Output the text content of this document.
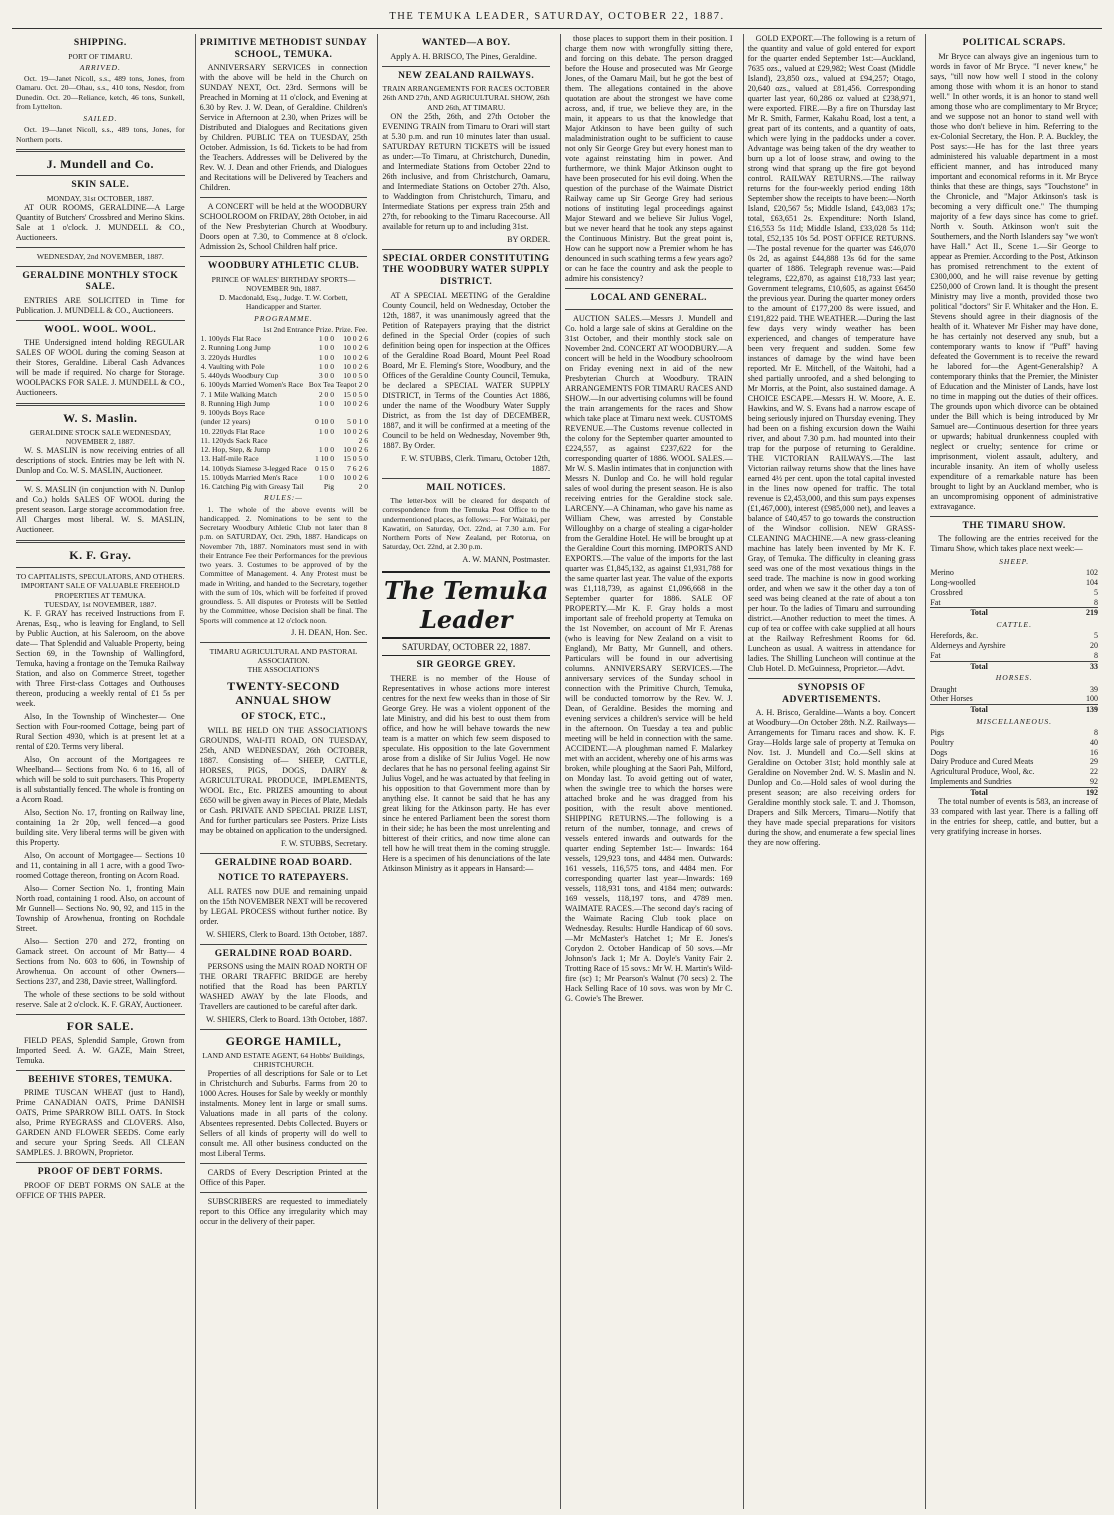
THE TEMUKA LEADER, SATURDAY, OCTOBER 22, 1887.
SHIPPING.
PORT OF TIMARU.
ARRIVED.

Oct. 19—Janet Nicoll, s.s., 489 tons, Jones, from Oamaru. Oct. 20—Ohau, s.s., 410 tons, Nesdor, from Dunedin. Oct. 20—Reliance, ketch, 46 tons, Sunkell, from Lyttelton.

SAILED.

Oct. 19—Janet Nicoll, s.s., 489 tons, Jones, for Northern ports.

J. Mundell and Co.
SKIN SALE.
MONDAY, 31st OCTOBER, 1887.

AT OUR ROOMS, GERALDINE—A Large Quantity of Butchers' Crossbred and Merino Skins. Sale at 1 o'clock. J. MUNDELL & CO., Auctioneers.

WEDNESDAY, 2nd NOVEMBER, 1887.
GERALDINE MONTHLY STOCK SALE.

ENTRIES ARE SOLICITED in Time for Publication. J. MUNDELL & CO., Auctioneers.

WOOL. WOOL. WOOL.

THE Undersigned intend holding REGULAR SALES OF WOOL during the coming Season at their Stores, Geraldine. Liberal Cash Advances will be made if required. No charge for Storage. WOOLPACKS FOR SALE. J. MUNDELL & CO., Auctioneers.

W. S. Maslin.
GERALDINE STOCK SALE WEDNESDAY, NOVEMBER 2, 1887.

W. S. MASLIN is now receiving entries of all descriptions of stock. Entries may be left with N. Dunlop and Co. W. S. MASLIN, Auctioneer.

W. S. MASLIN (in conjunction with N. Dunlop and Co.) holds SALES OF WOOL during the present season. Large storage accommodation free. All Charges most liberal. W. S. MASLIN, Auctioneer.

K. F. Gray.
TO CAPITALISTS, SPECULATORS, AND OTHERS.
IMPORTANT SALE OF VALUABLE FREEHOLD PROPERTIES AT TEMUKA.
TUESDAY, 1st NOVEMBER, 1887.

K. F. GRAY has received Instructions from F. Arenas, Esq., who is leaving for England, to Sell by Public Auction, at his Saleroom, on the above date— That Splendid and Valuable Property, being Section 69, in the Township of Wallingford, Temuka, having a frontage on the Temuka Railway Station, and also on Commerce Street, together with Three First-class Cottages and Outhouses thereon, producing a weekly rental of £1 5s per week.

Also, In the Township of Winchester— One Section with Four-roomed Cottage, being part of Rural Section 4930, which is at present let at a rental of £20. Terms very liberal.

Also, On account of the Mortgagees re Wheelband— Sections from No. 6 to 16, all of which will be sold to suit purchasers. This Property is all substantially fenced. The whole is fronting on a Acorn Road.

Also, Section No. 17, fronting on Railway line, containing 1a 2r 20p, well fenced—a good building site. Very liberal terms will be given with this Property.

Also, On account of Mortgagee— Sections 10 and 11, containing in all 1 acre, with a good Two-roomed Cottage thereon, fronting on Acorn Road.

Also— Corner Section No. 1, fronting Main North road, containing 1 rood. Also, on account of Mr Gunnell— Sections No. 90, 92, and 115 in the Township of Arowhenua, fronting on Rochdale Street.

Also— Section 270 and 272, fronting on Gamack street. On account of Mr Batty— 4 Sections from No. 603 to 606, in Township of Arowhenua. On account of other Owners— Sections 237, and 238, Davie street, Wallingford.

The whole of these sections to be sold without reserve. Sale at 2 o'clock. K. F. GRAY, Auctioneer.

FOR SALE.

FIELD PEAS, Splendid Sample, Grown from Imported Seed. A. W. GAZE, Main Street, Temuka.

BEEHIVE STORES, TEMUKA.

PRIME TUSCAN WHEAT (just to Hand), Prime CANADIAN OATS, Prime DANISH OATS, Prime SPARROW BILL OATS. In Stock also, Prime RYEGRASS and CLOVERS. Also, GARDEN AND FLOWER SEEDS. Come early and secure your Spring Seeds. All CLEAN SAMPLES. J. BROWN, Proprietor.

PROOF OF DEBT FORMS.

PROOF OF DEBT FORMS ON SALE at the OFFICE OF THIS PAPER.

PRIMITIVE METHODIST SUNDAY SCHOOL, TEMUKA.

ANNIVERSARY SERVICES in connection with the above will be held in the Church on SUNDAY NEXT, Oct. 23rd. Sermons will be Preached in Morning at 11 o'clock, and Evening at 6.30 by Rev. J. W. Dean, of Geraldine. Children's Service in Afternoon at 2.30, when Prizes will be Distributed and Dialogues and Recitations given by Children. PUBLIC TEA on TUESDAY, 25th October. Admission, 1s 6d. Tickets to be had from the Teachers. Addresses will be Delivered by the Rev. W. J. Dean and other Friends, and Dialogues and Recitations will be Delivered by Teachers and Children.

A CONCERT will be held at the WOODBURY SCHOOLROOM on FRIDAY, 28th October, in aid of the New Presbyterian Church at Woodbury. Doors open at 7.30, to Commence at 8 o'clock. Admission 2s, School Children half price.

WOODBURY ATHLETIC CLUB.
PRINCE OF WALES' BIRTHDAY SPORTS—NOVEMBER 9th, 1887.
D. Macdonald, Esq., Judge. T. W. Corbett, Handicapper and Starter.
PROGRAMME.
1st 2nd Entrance Prize. Prize. Fee.
1. 100yds Flat Race	1 0 0	10 0	2 6
2. Running Long Jump	1 0 0	10 0	2 6
3. 220yds Hurdles	1 0 0	10 0	2 6
4. Vaulting with Pole	1 0 0	10 0	2 6
5. 440yds Woodbury Cup	3 0 0	10 0	5 0
6. 100yds Married Women's Race	Box Tea	Teapot	2 0
7. 1 Mile Walking Match	2 0 0	15 0	5 0
8. Running High Jump	1 0 0	10 0	2 6
9. 100yds Boys Race			
(under 12 years)	0 10 0	5 0	1 0
10. 220yds Flat Race	1 0 0	10 0	2 6
11. 120yds Sack Race			2 6
12. Hop, Step, & Jump	1 0 0	10 0	2 6
13. Half-mile Race	1 10 0	15 0	5 0
14. 100yds Siamese 3-legged Race	0 15 0	7 6	2 6
15. 100yds Married Men's Race	1 0 0	10 0	2 6
16. Catching Pig with Greasy Tail	Pig		2 0
RULES:—

1. The whole of the above events will be handicapped. 2. Nominations to be sent to the Secretary Woodbury Athletic Club not later than 8 p.m. on SATURDAY, Oct. 29th, 1887. Handicaps on November 7th, 1887. Nominators must send in with their Entrance Fee their Performances for the previous two years. 3. Costumes to be approved of by the Committee of Management. 4. Any Protest must be made in Writing, and handed to the Secretary, together with the sum of 10s, which will be forfeited if proved groundless. 5. All disputes or Protests will be Settled by the Committee, whose Decision shall be final. The Sports will commence at 12 o'clock noon.

J. H. DEAN, Hon. Sec.
TIMARU AGRICULTURAL AND PASTORAL ASSOCIATION.
THE ASSOCIATION'S
TWENTY-SECOND ANNUAL SHOW
OF STOCK, ETC.,

WILL BE HELD ON THE ASSOCIATION'S GROUNDS, WAI-ITI ROAD, ON TUESDAY, 25th, AND WEDNESDAY, 26th OCTOBER, 1887. Consisting of— SHEEP, CATTLE, HORSES, PIGS, DOGS, DAIRY & AGRICULTURAL PRODUCE, IMPLEMENTS, WOOL Etc., Etc. PRIZES amounting to about £650 will be given away in Pieces of Plate, Medals or Cash. PRIVATE AND SPECIAL PRIZE LIST, And for further particulars see Posters. Prize Lists may be obtained on application to the undersigned.

F. W. STUBBS, Secretary.
GERALDINE ROAD BOARD.
NOTICE TO RATEPAYERS.

ALL RATES now DUE and remaining unpaid on the 15th NOVEMBER NEXT will be recovered by LEGAL PROCESS without further notice. By order.

W. SHIERS, Clerk to Board. 13th October, 1887.
GERALDINE ROAD BOARD.

PERSONS using the MAIN ROAD NORTH OF THE ORARI TRAFFIC BRIDGE are hereby notified that the Road has been PARTLY WASHED AWAY by the late Floods, and Travellers are cautioned to be careful after dark.

W. SHIERS, Clerk to Board. 13th October, 1887.
GEORGE HAMILL,
LAND AND ESTATE AGENT, 64 Hobbs' Buildings, CHRISTCHURCH.

Properties of all descriptions for Sale or to Let in Christchurch and Suburbs. Farms from 20 to 1000 Acres. Houses for Sale by weekly or monthly instalments. Money lent in large or small sums. Valuations made in all parts of the colony. Absentees represented. Debts Collected. Buyers or Sellers of all kinds of property will do well to consult me. All other business conducted on the most Liberal Terms.

CARDS of Every Description Printed at the Office of this Paper.

SUBSCRIBERS are requested to immediately report to this Office any irregularity which may occur in the delivery of their paper.

WANTED—A BOY.

Apply A. H. BRISCO, The Pines, Geraldine.

NEW ZEALAND RAILWAYS.
TRAIN ARRANGEMENTS FOR RACES OCTOBER 26th AND 27th, AND AGRICULTURAL SHOW, 26th AND 26th, AT TIMARU.

ON the 25th, 26th, and 27th October the EVENING TRAIN from Timaru to Orari will start at 5.30 p.m. and run 10 minutes later than usual. SATURDAY RETURN TICKETS will be issued as under:—To Timaru, at Christchurch, Dunedin, and Intermediate Stations from October 22nd to 26th inclusive, and from Christchurch, Oamaru, and Intermediate Stations on October 27th. Also, to Waddington from Christchurch, Timaru, and Intermediate Stations per express train 25th and 27th, for rebooking to the Timaru Racecourse. All available for return up to and including 31st.

BY ORDER.
SPECIAL ORDER CONSTITUTING THE WOODBURY WATER SUPPLY DISTRICT.

AT A SPECIAL MEETING of the Geraldine County Council, held on Wednesday, October the 12th, 1887, it was unanimously agreed that the Petition of Ratepayers praying that the district defined in the Special Order (copies of such definition being open for inspection at the Offices of the Geraldine Road Board, Mount Peel Road Board, Mr E. Fleming's Store, Woodbury, and the Offices of the Geraldine County Council, Temuka, be declared a SPECIAL WATER SUPPLY DISTRICT, in Terms of the Counties Act 1886, under the name of the Woodbury Water Supply District, as from the 1st day of DECEMBER, 1887, and it will be confirmed at a meeting of the Council to be held on Wednesday, November 9th, 1887. By Order.

F. W. STUBBS, Clerk. Timaru, October 12th, 1887.
MAIL NOTICES.

The letter-box will be cleared for despatch of correspondence from the Temuka Post Office to the undermentioned places, as follows:— For Waitaki, per Kawatiri, on Saturday, Oct. 22nd, at 7.30 a.m. For Northern Ports of New Zealand, per Rotorua, on Saturday, Oct. 22nd, at 2.30 p.m.

A. W. MANN, Postmaster.
The Temuka Leader
SATURDAY, OCTOBER 22, 1887.
SIR GEORGE GREY.

THERE is no member of the House of Representatives in whose actions more interest centres for the next few weeks than in those of Sir George Grey. He was a violent opponent of the late Ministry, and did his best to oust them from office, and how he will behave towards the new team is a matter on which few seem disposed to speculate. His opposition to the late Government arose from a dislike of Sir Julius Vogel. He now declares that he has no personal feeling against Sir Julius Vogel, and he was actuated by that feeling in his opposition to that Government more than by anything else. It cannot be said that he has any great liking for the Atkinson party. He has ever since he entered Parliament been the sorest thorn in their side; he has been the most unrelenting and bitterest of their critics, and now time alone can tell how he will treat them in the coming struggle. Here is a specimen of his denunciations of the late Atkinson Ministry as it appears in Hansard:—

those places to support them in their position. I charge them now with wrongfully sitting there, and forcing on this debate. The person dragged before the House and prosecuted was Mr George Jones, of the Oamaru Mail, but he got the best of them. The allegations contained in the above quotation are about the strongest we have come across, and, if true, we believe they are, in the main, it appears to us that the knowledge that Major Atkinson to have been guilty of such maladministration ought to be sufficient to cause not only Sir George Grey but every honest man to vote against reinstating him in power. And furthermore, we think Major Atkinson ought to have been prosecuted for his evil doing. When the question of the purchase of the Waimate District Railway came up Sir George Grey had serious notions of instituting legal proceedings against Major Steward and we believe Sir Julius Vogel, but we never heard that he took any steps against the Continuous Ministry. But the great point is, How can he support now a Premier whom he has denounced in such scathing terms a few years ago? or can he face the country and ask the people to admire his consistency?

LOCAL AND GENERAL.

AUCTION SALES.—Messrs J. Mundell and Co. hold a large sale of skins at Geraldine on the 31st October, and their monthly stock sale on November 2nd. CONCERT AT WOODBURY.—A concert will be held in the Woodbury schoolroom on Friday evening next in aid of the new Presbyterian Church at Woodbury. TRAIN ARRANGEMENTS FOR TIMARU RACES AND SHOW.—In our advertising columns will be found the train arrangements for the races and Show which take place at Timaru next week. CUSTOMS REVENUE.—The Customs revenue collected in the colony for the September quarter amounted to £224,557, as against £237,622 for the corresponding quarter of 1886. WOOL SALES.—Mr W. S. Maslin intimates that in conjunction with Messrs N. Dunlop and Co. he will hold regular sales of wool during the present season. He is also receiving entries for the Geraldine stock sale. LARCENY.—A Chinaman, who gave his name as William Chew, was arrested by Constable Willoughby on a charge of stealing a cigar-holder from the Geraldine Hotel. He will be brought up at the Geraldine Court this morning. IMPORTS AND EXPORTS.—The value of the imports for the last quarter was £1,845,132, as against £1,931,788 for the same quarter last year. The value of the exports was £1,118,739, as against £1,096,668 in the September quarter for 1886. SALE OF PROPERTY.—Mr K. F. Gray holds a most important sale of freehold property at Temuka on the 1st November, on account of Mr F. Arenas (who is leaving for New Zealand on a visit to England), Mr Batty, Mr Gunnell, and others. Particulars will be found in our advertising columns. ANNIVERSARY SERVICES.—The anniversary services of the Sunday school in connection with the Primitive Church, Temuka, will be conducted tomorrow by the Rev. W. J. Dean, of Geraldine. Besides the morning and evening services a children's service will be held in the afternoon. On Tuesday a tea and public meeting will be held in connection with the same. ACCIDENT.—A ploughman named F. Malarkey met with an accident, whereby one of his arms was broken, while ploughing at the Saori Pah, Milford, on Monday last. To avoid getting out of water, when the swingle tree to which the horses were attached broke and he was dragged from his position, with the result above mentioned. SHIPPING RETURNS.—The following is a return of the number, tonnage, and crews of vessels entered inwards and outwards for the quarter ending September 1st:— Inwards: 164 vessels, 129,923 tons, and 4484 men. Outwards: 161 vessels, 116,575 tons, and 4484 men. For corresponding quarter last year—Inwards: 169 vessels, 118,931 tons, and 4184 men; outwards: 169 vessels, 118,197 tons, and 4789 men. WAIMATE RACES.—The second day's racing of the Waimate Racing Club took place on Wednesday. Results: Hurdle Handicap of 60 sovs.—Mr McMaster's Hatchet 1; Mr E. Jones's Corydon 2. October Handicap of 50 sovs.—Mr Johnson's Jack 1; Mr A. Doyle's Vanity Fair 2. Trotting Race of 15 sovs.: Mr W. H. Martin's Wild-fire (sc) 1; Mr Pearson's Walnut (70 secs) 2. The Hack Selling Race of 10 sovs. was won by Mr C. G. Cowie's The Brewer.

GOLD EXPORT.—The following is a return of the quantity and value of gold entered for export for the quarter ended September 1st:—Auckland, 7635 ozs., valued at £29,982; West Coast (Middle Island), 23,850 ozs., valued at £94,257; Otago, 20,640 ozs., valued at £81,456. Corresponding quarter last year, 60,286 oz valued at £238,971, were exported. FIRE.—By a fire on Thursday last Mr R. Smith, Farmer, Kakahu Road, lost a tent, a great part of its contents, and a quantity of oats, which were lying in the paddocks under a cover. Advantage was being taken of the dry weather to burn up a lot of loose straw, and owing to the strong wind that sprang up the fire got beyond control. RAILWAY RETURNS.—The railway returns for the four-weekly period ending 18th September show the receipts to have been:—North Island, £20,567 5s; Middle Island, £43,083 17s; total, £63,651 2s. Expenditure: North Island, £16,553 5s 11d; Middle Island, £33,028 5s 11d; total, £52,135 10s 5d. POST OFFICE RETURNS.—The postal revenue for the quarter was £46,070 0s 2d, as against £44,888 13s 6d for the same quarter of 1886. Telegraph revenue was:—Paid telegrams, £22,870, as against £18,733 last year; Government telegrams, £10,605, as against £6450 the previous year. During the quarter money orders to the amount of £177,200 8s were issued, and £191,822 paid. THE WEATHER.—During the last few days very windy weather has been experienced, and changes of temperature have been very frequent and sudden. Some few instances of damage by the wind have been reported. Mr E. Mitchell, of the Waitohi, had a shed partially unroofed, and a shed belonging to Mr Morris, at the Point, also sustained damage. A CHOICE ESCAPE.—Messrs H. W. Moore, A. E. Hawkins, and W. S. Evans had a narrow escape of being seriously injured on Thursday evening. They had been on a fishing excursion down the Waihi river, and about 7.30 p.m. had mounted into their trap for the purpose of returning to Geraldine. THE VICTORIAN RAILWAYS.—The last Victorian railway returns show that the lines have earned 4½ per cent. upon the total capital invested in the lines now opened for traffic. The total revenue is £2,453,000, and this sum pays expenses (£1,467,000), interest (£985,000 net), and leaves a balance of £40,457 to go towards the construction of the Windsor collision. NEW GRASS-CLEANING MACHINE.—A new grass-cleaning machine has lately been invented by Mr K. F. Gray, of Temuka. The difficulty in cleaning grass seed was one of the most vexatious things in the seed trade. The machine is now in good working order, and when we saw it the other day a ton of seed was being cleaned at the rate of about a ton per hour. To the ladies of Timaru and surrounding district.—Another reduction to meet the times. A cup of tea or coffee with cake supplied at all hours at the Railway Refreshment Rooms for 6d. Luncheon as usual. A waitress in attendance for ladies. The Shilling Luncheon will continue at the Club Hotel. D. McGuinness, Proprietor.—Advt.

SYNOPSIS OF ADVERTISEMENTS.

A. H. Brisco, Geraldine—Wants a boy. Concert at Woodbury—On October 28th. N.Z. Railways—Arrangements for Timaru races and show. K. F. Gray—Holds large sale of property at Temuka on Nov. 1st. J. Mundell and Co.—Sell skins at Geraldine on October 31st; hold monthly sale at Geraldine on November 2nd. W. S. Maslin and N. Dunlop and Co.—Hold sales of wool during the present season; are also receiving orders for Geraldine monthly stock sale. T. and J. Thomson, Drapers and Silk Mercers, Timaru—Notify that they have made special preparations for visitors during the show, and enumerate a few special lines they are now offering.

POLITICAL SCRAPS.

Mr Bryce can always give an ingenious turn to words in favor of Mr Bryce. "I never knew," he says, "till now how well I stood in the colony among those with whom it is an honor to stand well." In other words, it is an honor to stand well among those who are complimentary to Mr Bryce; and we suppose not an honor to stand well with those who don't believe in him. Referring to the ex-Colonial Secretary, the Hon. P. A. Buckley, the Post says:—He has for the last three years administered his valuable department in a most efficient manner, and has introduced many important and economical reforms in it. Mr Bryce thinks that these are things, says "Touchstone" in the Chronicle, and "Major Atkinson's task is becoming a very difficult one." The thumping majority of a few days since has come to grief. North v. South. Atkinson won't suit the Southerners, and the North Islanders say "we won't have Hall." Act II., Scene 1.—Sir George to appear as Premier. According to the Post, Atkinson has promised retrenchment to the extent of £300,000, and he will raise revenue by getting £250,000 of Crown land. It is thought the present Ministry may live a month, provided those two political "doctors" Sir F. Whitaker and the Hon. E. Stevens should agree in their diagnosis of the health of it. Whatever Mr Fisher may have done, he has certainly not deserved any snub, but a contemporary wants to know if "Puff" having defeated the Government is to receive the reward he labored for—the Agent-Generalship? A contemporary thinks that the Premier, the Minister of Education and the Minister of Lands, have lost no time in mapping out the duties of their offices. The grounds upon which divorce can be obtained under the Bill which is being introduced by Mr Samuel are—Continuous desertion for three years or upwards; habitual drunkenness coupled with neglect or cruelty; sentence for crime or imprisonment, violent assault, adultery, and incurable insanity. An item of wholly useless expenditure of a remarkable nature has been brought to light by an Auckland member, who is an uncompromising opponent of administrative extravagance.

THE TIMARU SHOW.

The following are the entries received for the Timaru Show, which takes place next week:—

SHEEP.
Merino	102
Long-woolled	104
Crossbred	5
Fat	8
Total	219
CATTLE.
Herefords, &c.	5
Alderneys and Ayrshire	20
Fat	8
Total	33
HORSES.
Draught	39
Other Horses	100
Total	139
MISCELLANEOUS.
Pigs	8
Poultry	40
Dogs	16
Dairy Produce and Cured Meats	29
Agricultural Produce, Wool, &c.	22
Implements and Sundries	92
Total	192

The total number of events is 583, an increase of 33 compared with last year. There is a falling off in the entries for sheep, cattle, and butter, but a very gratifying increase in horses.
